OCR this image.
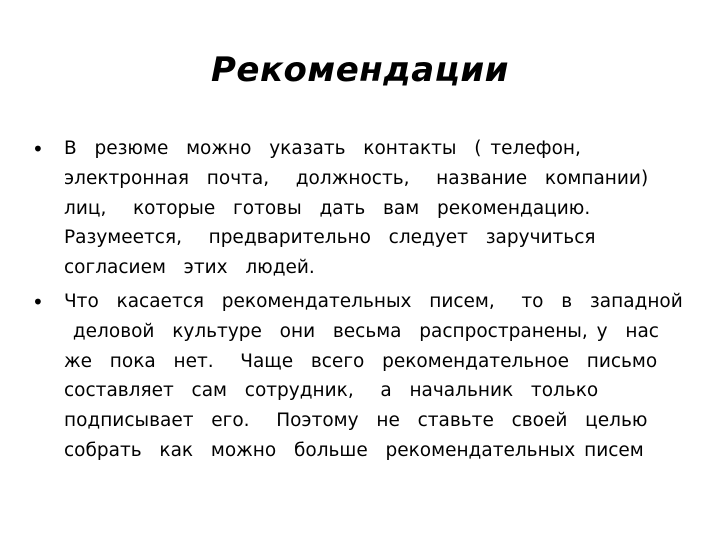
Рекомендации
• В  резюме  можно  указать  контакты  ( телефон,
электронная  почта,   должность,   название  компании)
лиц,   которые  готовы  дать  вам  рекомендацию.
Разумеется,   предварительно  следует  заручиться
согласием  этих  людей.
• Что  касается  рекомендательных  писем,   то  в  западной
деловой  культуре  они  весьма  распространены, у  нас
же  пока  нет.   Чаще  всего  рекомендательное  письмо
составляет  сам  сотрудник,   а  начальник  только
подписывает  его.   Поэтому  не  ставьте  своей  целью
собрать  как  можно  больше  рекомендательных писем
